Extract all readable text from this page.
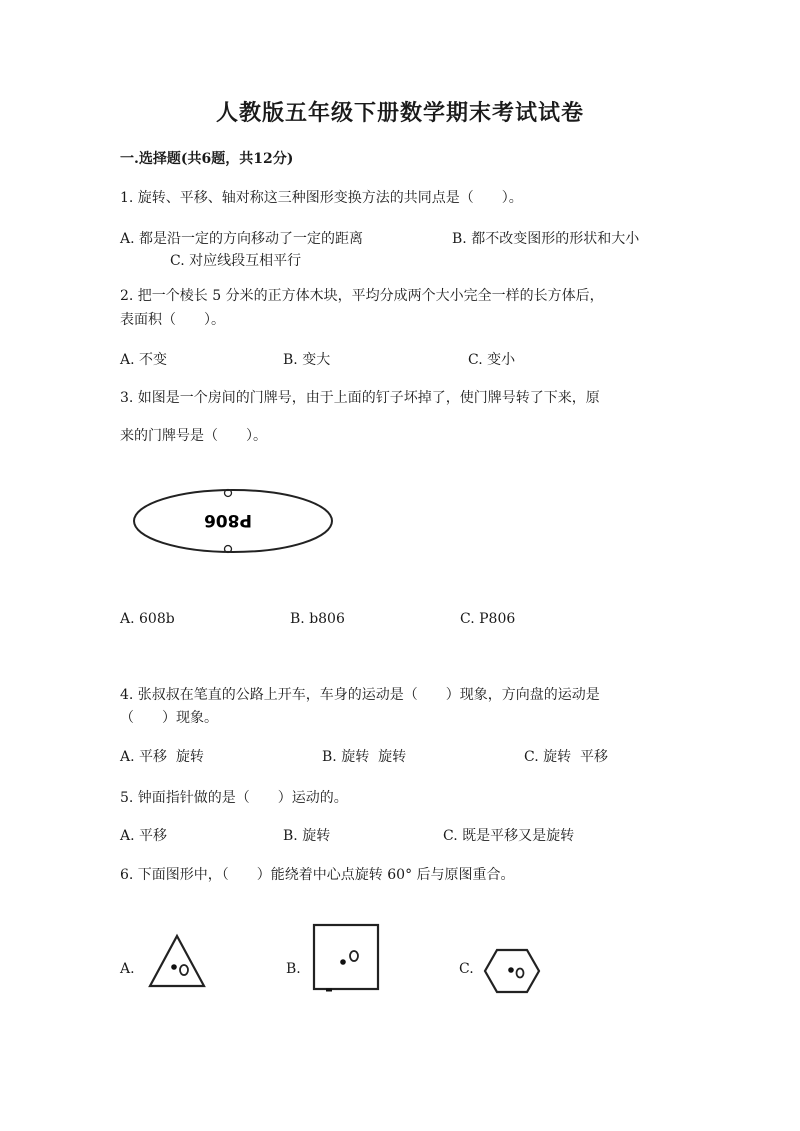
人教版五年级下册数学期末考试试卷
一.选择题(共6题，共12分)
1. 旋转、平移、轴对称这三种图形变换方法的共同点是（　　）。
A. 都是沿一定的方向移动了一定的距离	B. 都不改变图形的形状和大小
C. 对应线段互相平行
2. 把一个棱长 5 分米的正方体木块，平均分成两个大小完全一样的长方体后，
表面积（　　）。
A. 不变	B. 变大	C. 变小
3. 如图是一个房间的门牌号，由于上面的钉子坏掉了，使门牌号转了下来，原
来的门牌号是（　　）。
P806
A. 608b	B. b806	C. P806
4. 张叔叔在笔直的公路上开车，车身的运动是（　　）现象，方向盘的运动是
（　　）现象。
A. 平移  旋转	B. 旋转  旋转	C. 旋转  平移
5. 钟面指针做的是（　　）运动的。
A. 平移	B. 旋转	C. 既是平移又是旋转
6. 下面图形中，（　　）能绕着中心点旋转 60° 后与原图重合。
A.	B.	C.
